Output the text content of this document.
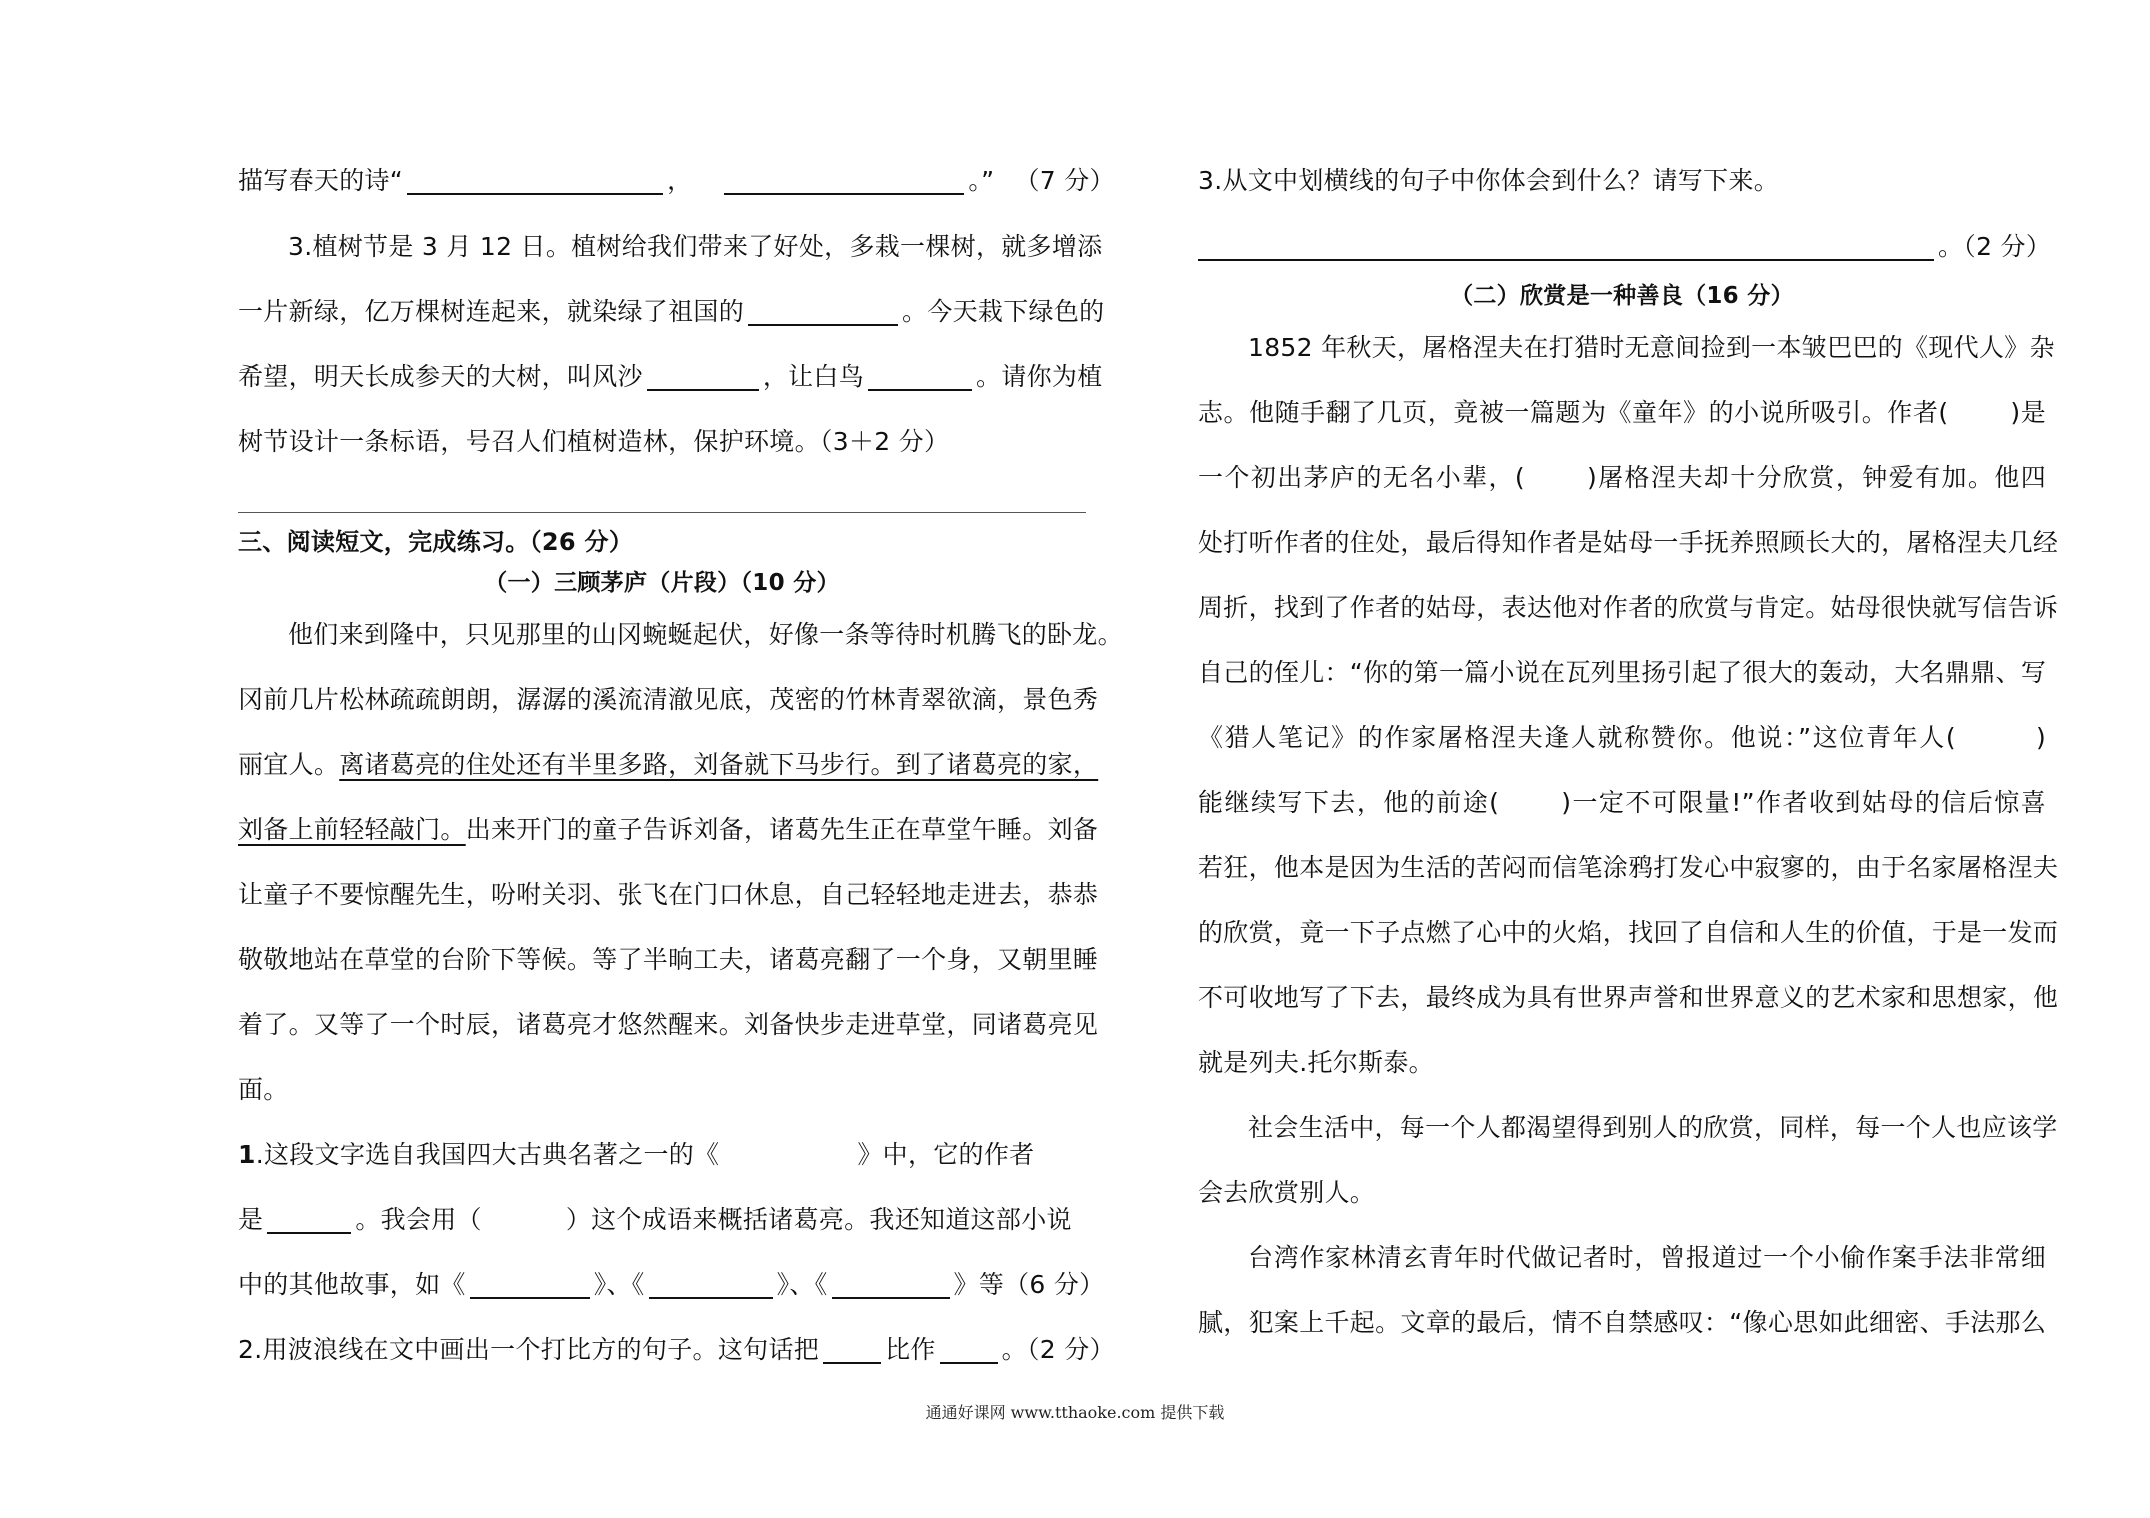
描写春天的诗“	，	。” （7 分）
3.植树节是 3 月 12 日。植树给我们带来了好处，多栽一棵树，就多增添
一片新绿，亿万棵树连起来，就染绿了祖国的	。今天栽下绿色的
希望，明天长成参天的大树，叫风沙	，让白鸟	。请你为植
树节设计一条标语，号召人们植树造林，保护环境。（3＋2 分）
三、阅读短文，完成练习。（26 分）
（一）三顾茅庐（片段）（10 分）
他们来到隆中，只见那里的山冈蜿蜒起伏，好像一条等待时机腾飞的卧龙。
冈前几片松林疏疏朗朗，潺潺的溪流清澈见底，茂密的竹林青翠欲滴，景色秀
丽宜人。离诸葛亮的住处还有半里多路，刘备就下马步行。到了诸葛亮的家，
刘备上前轻轻敲门。出来开门的童子告诉刘备，诸葛先生正在草堂午睡。刘备
让童子不要惊醒先生，吩咐关羽、张飞在门口休息，自己轻轻地走进去，恭恭
敬敬地站在草堂的台阶下等候。等了半晌工夫，诸葛亮翻了一个身，又朝里睡
着了。又等了一个时辰，诸葛亮才悠然醒来。刘备快步走进草堂，同诸葛亮见
面。
1.这段文字选自我国四大古典名著之一的《	》中，它的作者
是	。我会用（	）这个成语来概括诸葛亮。我还知道这部小说
中的其他故事，如《	》、《	》、《	》等（6 分）
2.用波浪线在文中画出一个打比方的句子。这句话把	比作	。（2 分）
3.从文中划横线的句子中你体会到什么？请写下来。
。（2 分）
（二）欣赏是一种善良（16 分）
1852 年秋天，屠格涅夫在打猎时无意间捡到一本皱巴巴的《现代人》杂
志。他随手翻了几页，竟被一篇题为《童年》的小说所吸引。作者( )是
一个初出茅庐的无名小辈，( )屠格涅夫却十分欣赏，钟爱有加。他四
处打听作者的住处，最后得知作者是姑母一手抚养照顾长大的，屠格涅夫几经
周折，找到了作者的姑母，表达他对作者的欣赏与肯定。姑母很快就写信告诉
自己的侄儿：“你的第一篇小说在瓦列里扬引起了很大的轰动，大名鼎鼎、写
《猎人笔记》的作家屠格涅夫逢人就称赞你。他说：”这位青年人(	)
能继续写下去，他的前途( )一定不可限量!”作者收到姑母的信后惊喜
若狂，他本是因为生活的苦闷而信笔涂鸦打发心中寂寥的，由于名家屠格涅夫
的欣赏，竟一下子点燃了心中的火焰，找回了自信和人生的价值，于是一发而
不可收地写了下去，最终成为具有世界声誉和世界意义的艺术家和思想家，他
就是列夫.托尔斯泰。
社会生活中，每一个人都渴望得到别人的欣赏，同样，每一个人也应该学
会去欣赏别人。
台湾作家林清玄青年时代做记者时，曾报道过一个小偷作案手法非常细
腻，犯案上千起。文章的最后，情不自禁感叹：“像心思如此细密、手法那么
通通好课网 www.tthaoke.com 提供下载
